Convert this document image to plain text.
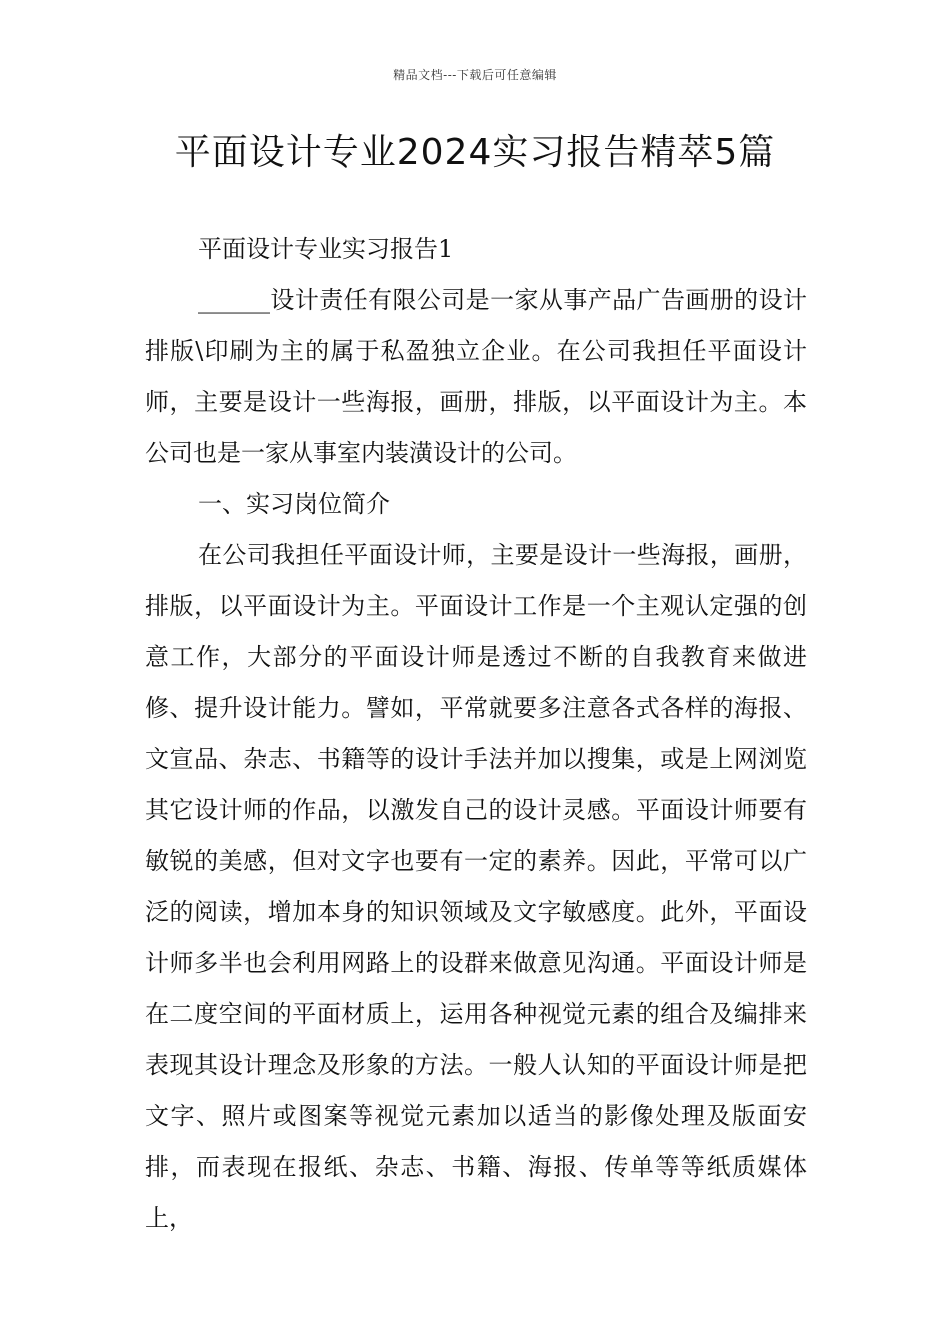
精品文档---下载后可任意编辑
平面设计专业2024实习报告精萃5篇

平面设计专业实习报告1

______设计责任有限公司是一家从事产品广告画册的设计排版\印刷为主的属于私盈独立企业。在公司我担任平面设计师，主要是设计一些海报，画册，排版，以平面设计为主。本公司也是一家从事室内装潢设计的公司。

一、实习岗位简介

在公司我担任平面设计师，主要是设计一些海报，画册，排版，以平面设计为主。平面设计工作是一个主观认定强的创意工作，大部分的平面设计师是透过不断的自我教育来做进修、提升设计能力。譬如，平常就要多注意各式各样的海报、文宣品、杂志、书籍等的设计手法并加以搜集，或是上网浏览其它设计师的作品，以激发自己的设计灵感。平面设计师要有敏锐的美感，但对文字也要有一定的素养。因此，平常可以广泛的阅读，增加本身的知识领域及文字敏感度。此外，平面设计师多半也会利用网路上的设群来做意见沟通。平面设计师是在二度空间的平面材质上，运用各种视觉元素的组合及编排来表现其设计理念及形象的方法。一般人认知的平面设计师是把文字、照片或图案等视觉元素加以适当的影像处理及版面安排，而表现在报纸、杂志、书籍、海报、传单等等纸质媒体上，
